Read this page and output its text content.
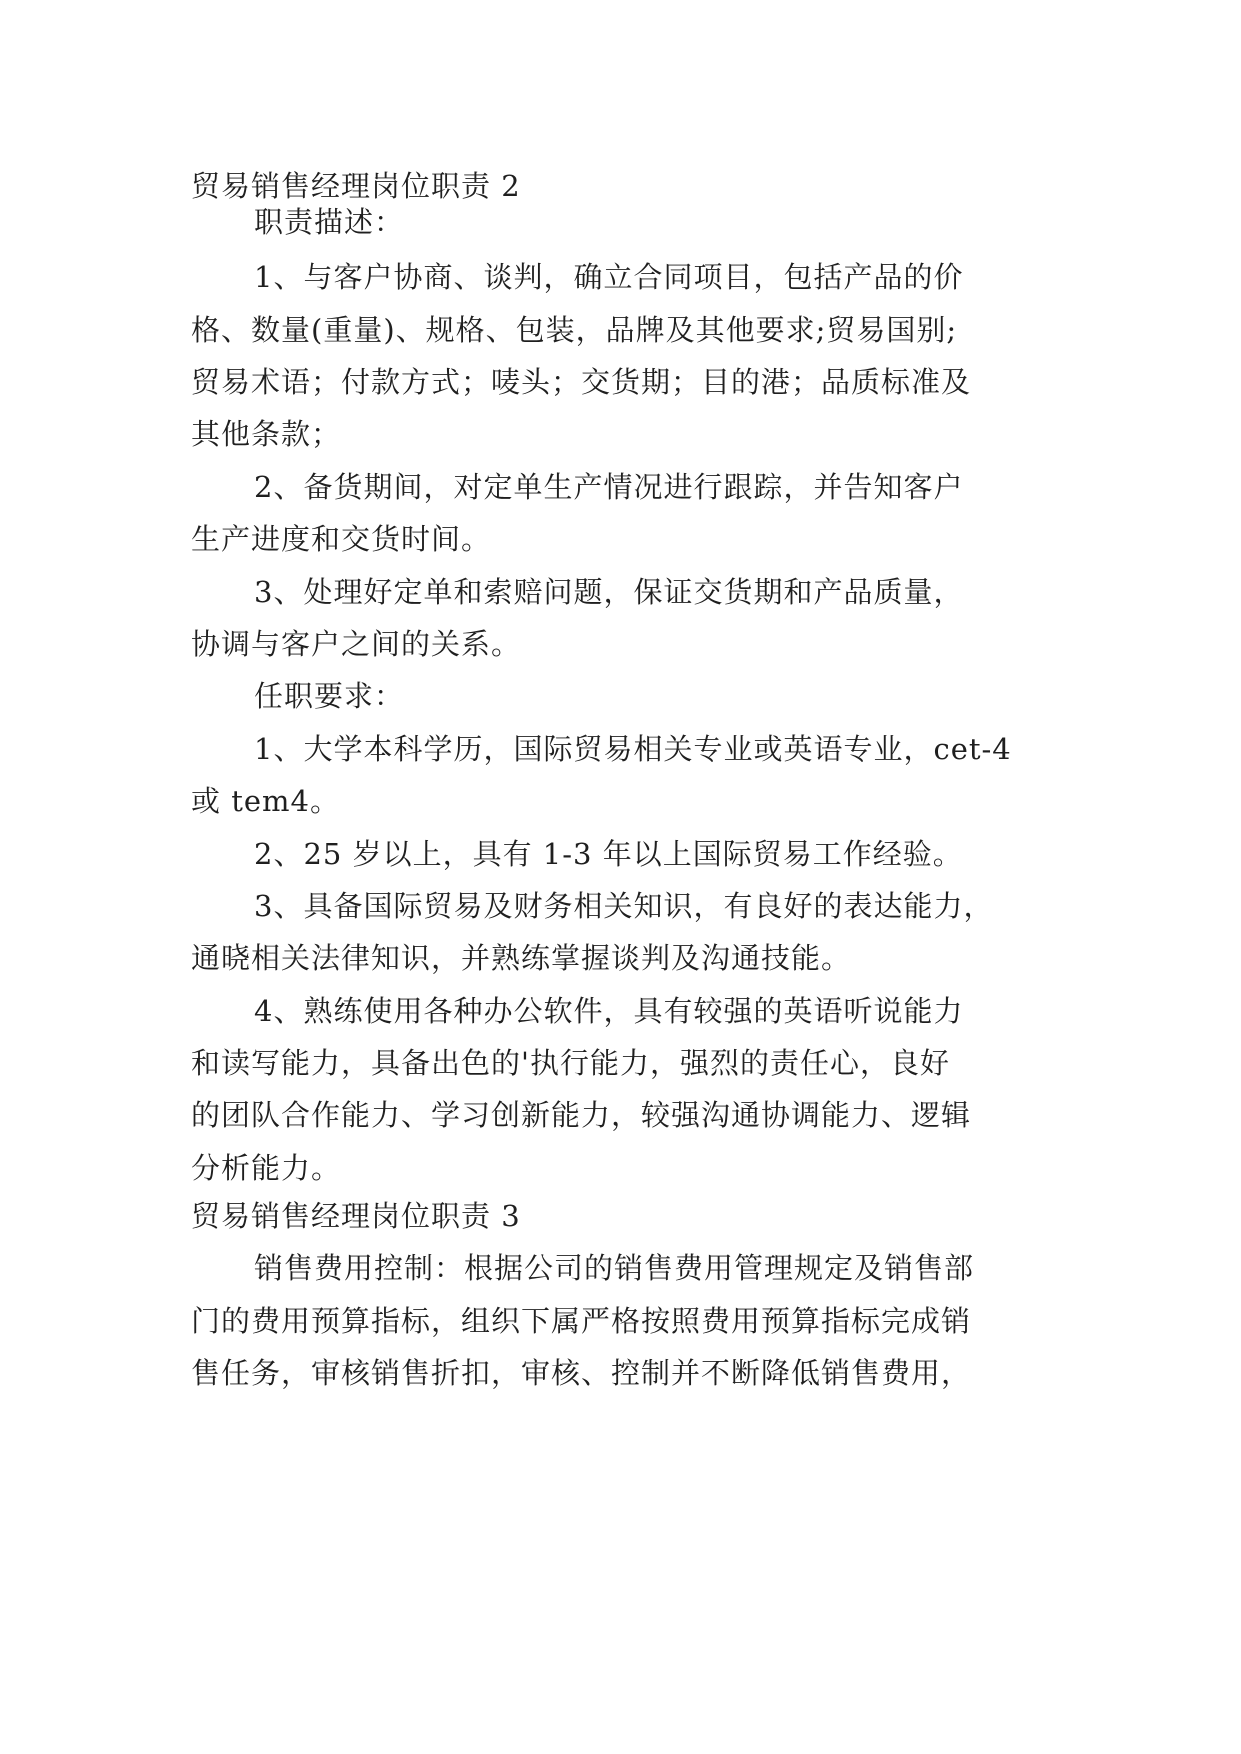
贸易销售经理岗位职责 2

职责描述：

1、与客户协商、谈判，确立合同项目，包括产品的价

格、数量(重量)、规格、包装，品牌及其他要求;贸易国别;

贸易术语；付款方式；唛头；交货期；目的港；品质标准及

其他条款；

2、备货期间，对定单生产情况进行跟踪，并告知客户

生产进度和交货时间。

3、处理好定单和索赔问题，保证交货期和产品质量，

协调与客户之间的关系。

任职要求：

1、大学本科学历，国际贸易相关专业或英语专业，cet-4

或 tem4。

2、25 岁以上，具有 1-3 年以上国际贸易工作经验。

3、具备国际贸易及财务相关知识，有良好的表达能力，

通晓相关法律知识，并熟练掌握谈判及沟通技能。

4、熟练使用各种办公软件，具有较强的英语听说能力

和读写能力，具备出色的'执行能力，强烈的责任心，良好

的团队合作能力、学习创新能力，较强沟通协调能力、逻辑

分析能力。

贸易销售经理岗位职责 3

销售费用控制：根据公司的销售费用管理规定及销售部

门的费用预算指标，组织下属严格按照费用预算指标完成销

售任务，审核销售折扣，审核、控制并不断降低销售费用，
